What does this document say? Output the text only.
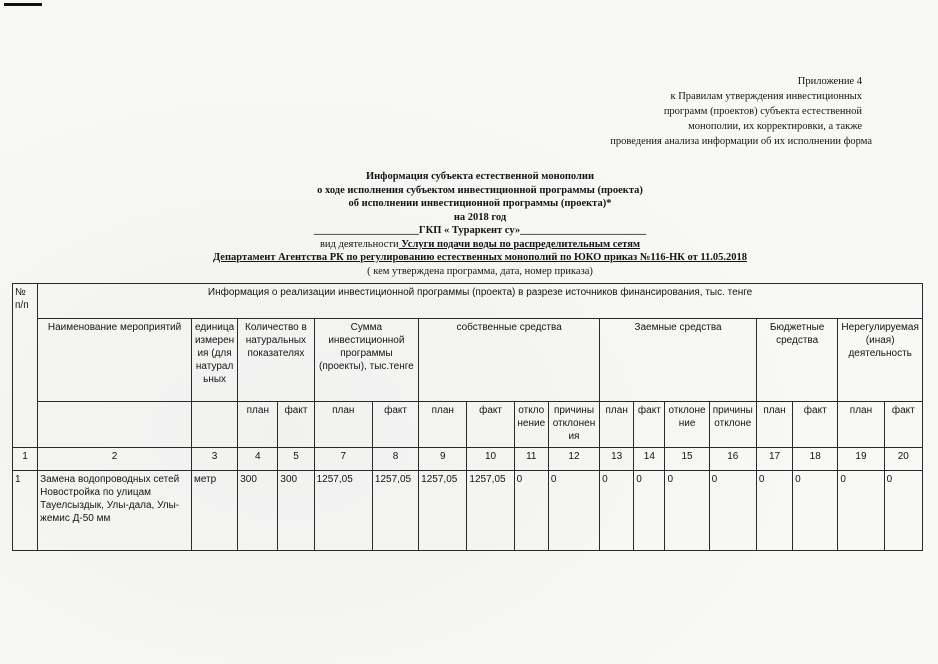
Приложение 4
к Правилам утверждения инвестиционных
программ (проектов) субъекта естественной
монополии, их корректировки, а также
проведения анализа информации об их исполнении форма
Информация субъекта естественной монополии
о ходе исполнения субъектом инвестиционной программы (проекта)
об исполнении инвестиционной программы (проекта)*
на 2018 год
____________________ГКП « Тураркент су»________________________
вид деятельности Услуги подачи воды по распределительным сетям
Департамент Агентства РК по регулированию естественных монополий по ЮКО приказ №116-НК от 11.05.2018
( кем утверждена программа, дата, номер приказа)
№ п/п	Информация о реализации инвестиционной программы (проекта) в разрезе источников финансирования, тыс. тенге																	
	Наименование мероприятий	единица измерения (для натуральных	Количество в натуральных показателях		Сумма инвестиционной программы (проекты), тыс.тенге		собственные средства				Заемные средства				Бюджетные средства		Нерегулируемая (иная) деятельность	
			план	факт	план	факт	план	факт	отклонение	причины отклонения	план	факт	отклонение	причины отклоне	план	факт	план	факт
1	2	3	4	5	7	8	9	10	11	12	13	14	15	16	17	18	19	20
1	Замена водопроводных сетей Новостройка по улицам Тауелсыздык, Улы-дала, Улы-жемис Д-50 мм	метр	300	300	1257,05	1257,05	1257,05	1257,05	0	0	0	0	0	0	0	0	0	0
